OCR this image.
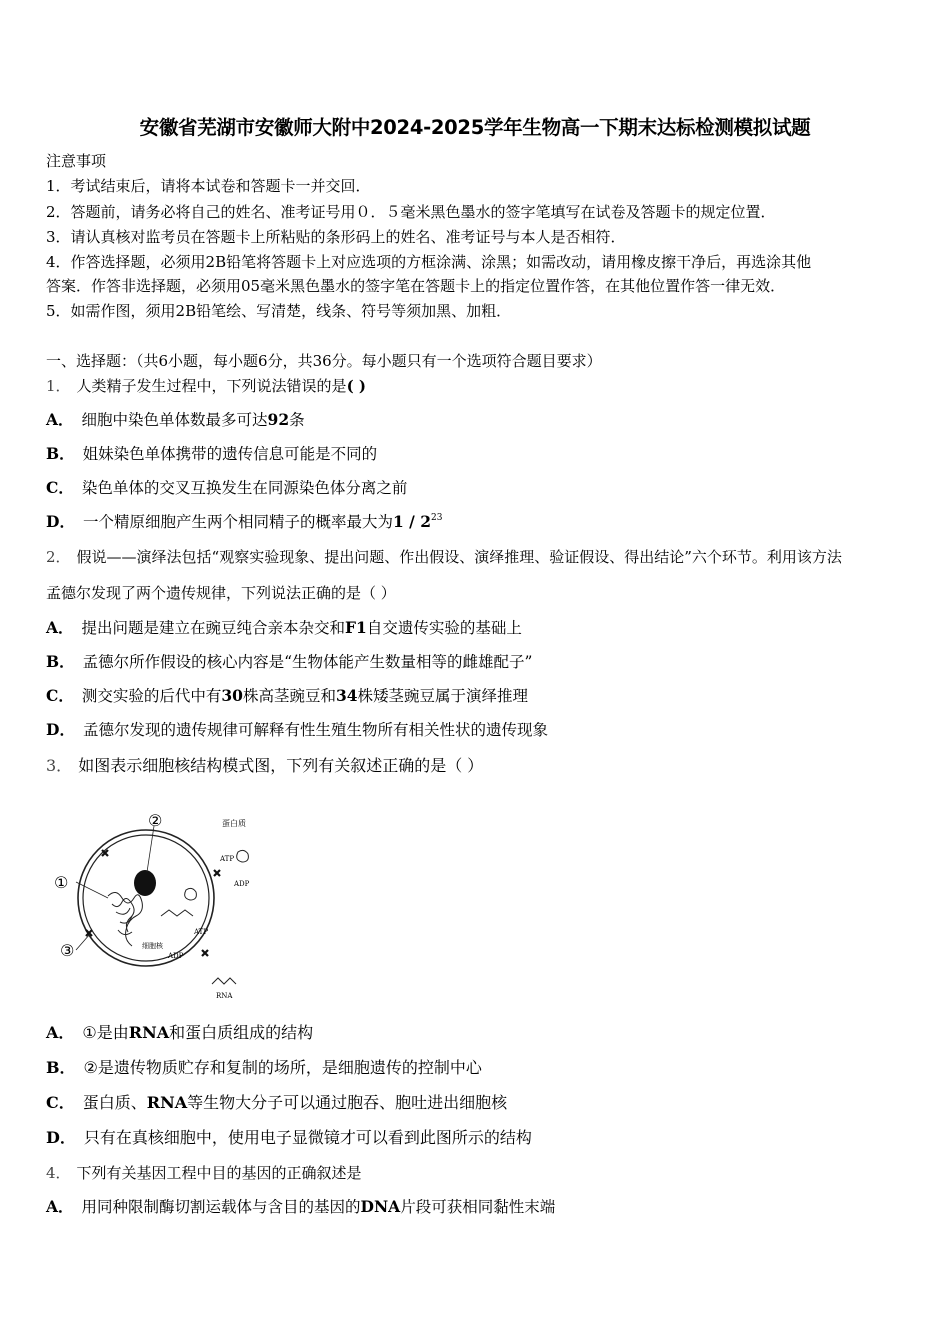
安徽省芜湖市安徽师大附中2024-2025学年生物高一下期末达标检测模拟试题
注意事项
1．考试结束后，请将本试卷和答题卡一并交回．
2．答题前，请务必将自己的姓名、准考证号用０．５毫米黑色墨水的签字笔填写在试卷及答题卡的规定位置．
3．请认真核对监考员在答题卡上所粘贴的条形码上的姓名、准考证号与本人是否相符．
4．作答选择题，必须用2B铅笔将答题卡上对应选项的方框涂满、涂黑；如需改动，请用橡皮擦干净后，再选涂其他
答案．作答非选择题，必须用05毫米黑色墨水的签字笔在答题卡上的指定位置作答，在其他位置作答一律无效．
5．如需作图，须用2B铅笔绘、写清楚，线条、符号等须加黑、加粗．
一、选择题：（共6小题，每小题6分，共36分。每小题只有一个选项符合题目要求）
1． 人类精子发生过程中，下列说法错误的是( )
A． 细胞中染色单体数最多可达92条
B． 姐妹染色单体携带的遗传信息可能是不同的
C． 染色单体的交叉互换发生在同源染色体分离之前
D． 一个精原细胞产生两个相同精子的概率最大为$1 / 2^{23}$
2． 假说——演绎法包括“观察实验现象、提出问题、作出假设、演绎推理、验证假设、得出结论”六个环节。利用该方法
孟德尔发现了两个遗传规律，下列说法正确的是（ ）
A． 提出问题是建立在豌豆纯合亲本杂交和F1自交遗传实验的基础上
B． 孟德尔所作假设的核心内容是“生物体能产生数量相等的雌雄配子”
C． 测交实验的后代中有30株高茎豌豆和34株矮茎豌豆属于演绎推理
D． 孟德尔发现的遗传规律可解释有性生殖生物所有相关性状的遗传现象
3． 如图表示细胞核结构模式图，下列有关叙述正确的是（ ）
②
①
③
蛋白质
ATP
ADP
ATP
ADP
细胞核
RNA
A． ①是由RNA和蛋白质组成的结构
B． ②是遗传物质贮存和复制的场所，是细胞遗传的控制中心
C． 蛋白质、RNA等生物大分子可以通过胞吞、胞吐进出细胞核
D． 只有在真核细胞中，使用电子显微镜才可以看到此图所示的结构
4． 下列有关基因工程中目的基因的正确叙述是
A． 用同种限制酶切割运载体与含目的基因的DNA片段可获相同黏性末端
